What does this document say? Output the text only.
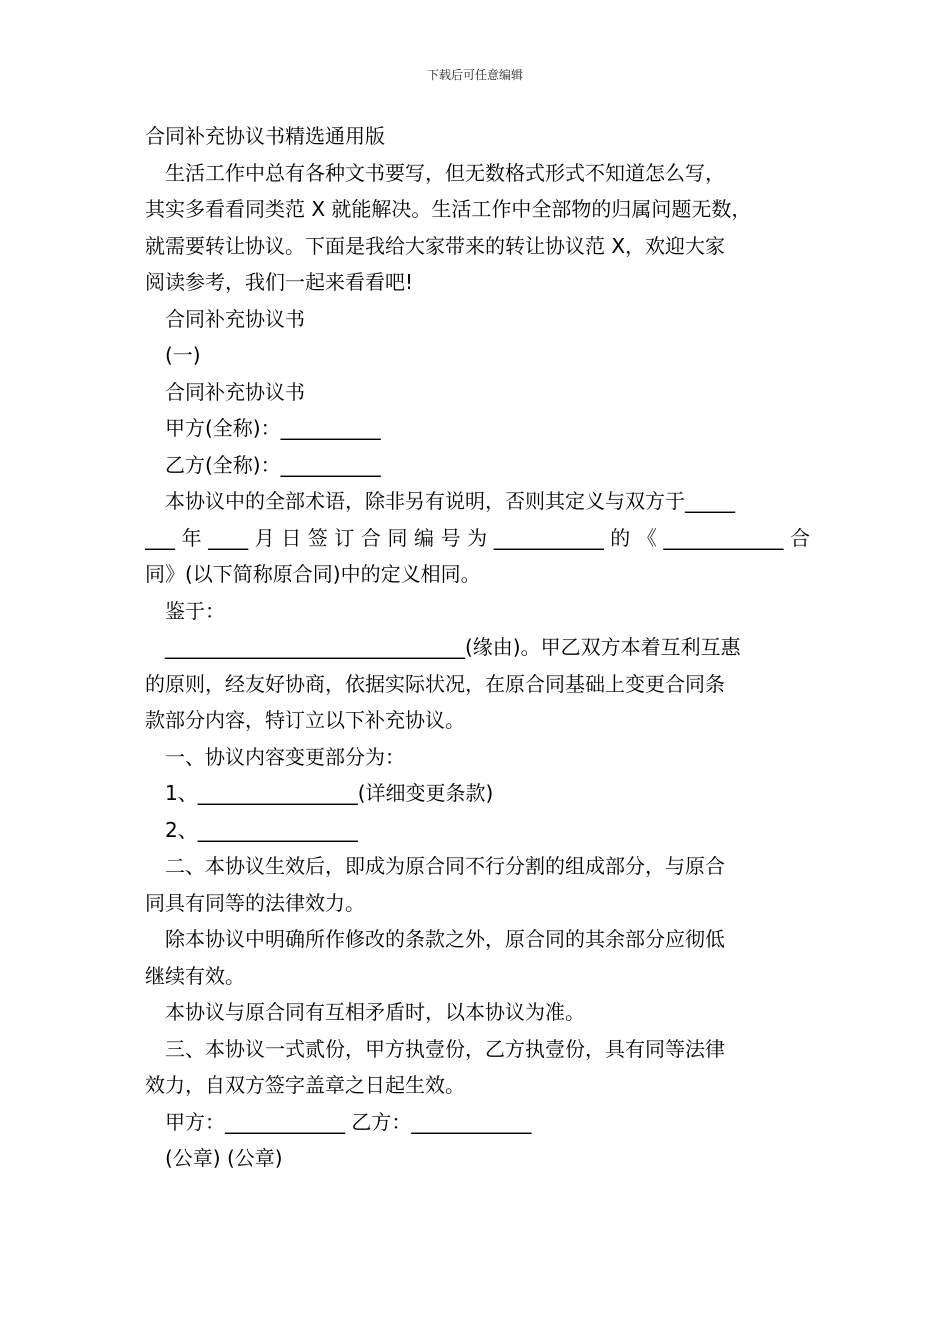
下载后可任意编辑
合同补充协议书精选通用版
生活工作中总有各种文书要写，但无数格式形式不知道怎么写，
其实多看看同类范 X 就能解决。生活工作中全部物的归属问题无数，
就需要转让协议。下面是我给大家带来的转让协议范 X，欢迎大家
阅读参考，我们一起来看看吧!
合同补充协议书
(一)
合同补充协议书
甲方(全称)：__________
乙方(全称)：__________
本协议中的全部术语，除非另有说明，否则其定义与双方于_____
___年____月日签订合同编号为___________的《____________合
同》(以下简称原合同)中的定义相同。
鉴于：
______________________________(缘由)。甲乙双方本着互利互惠
的原则，经友好协商，依据实际状况，在原合同基础上变更合同条
款部分内容，特订立以下补充协议。
一、协议内容变更部分为：
1、________________(详细变更条款)
2、________________
二、本协议生效后，即成为原合同不行分割的组成部分，与原合
同具有同等的法律效力。
除本协议中明确所作修改的条款之外，原合同的其余部分应彻低
继续有效。
本协议与原合同有互相矛盾时，以本协议为准。
三、本协议一式贰份，甲方执壹份，乙方执壹份，具有同等法律
效力，自双方签字盖章之日起生效。
甲方：____________ 乙方：____________
(公章) (公章)
